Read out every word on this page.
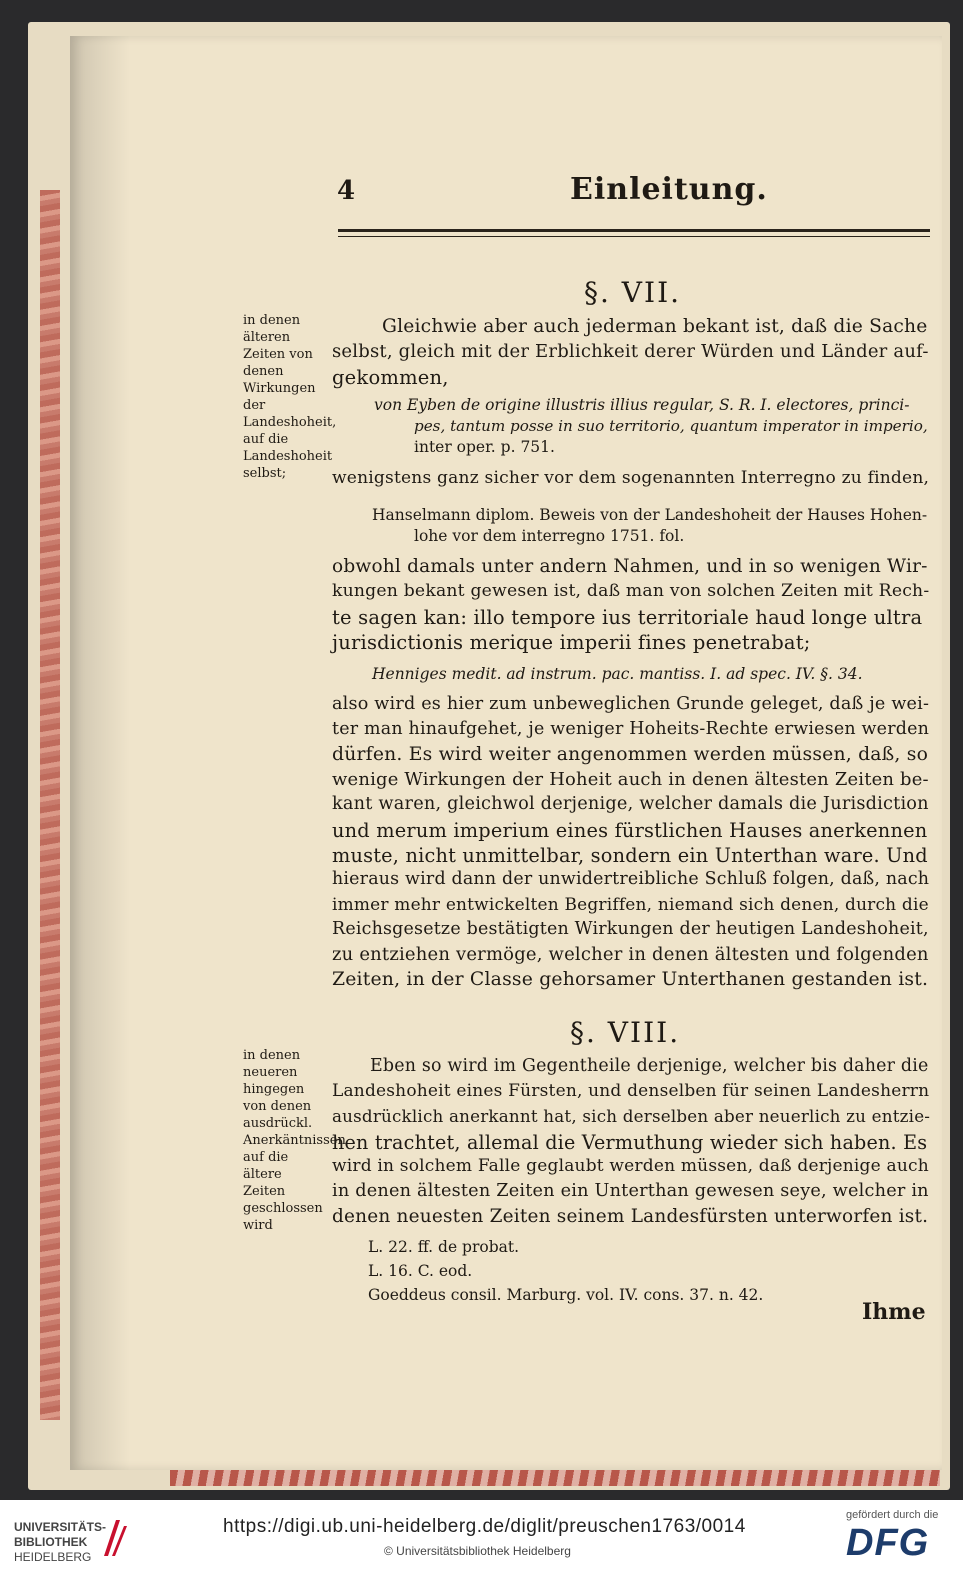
4	Einleitung.
§. VII.
in denen älteren Zeiten von denen Wirkungen der Landeshoheit, auf die Landeshoheit selbst;
Gleichwie aber auch jederman bekant ist, daß die Sache
selbst, gleich mit der Erblichkeit derer Würden und Länder auf-
gekommen,
von Eyben de origine illustris illius regular, S. R. I. electores, princi-
pes, tantum posse in suo territorio, quantum imperator in imperio,
inter oper. p. 751.
wenigstens ganz sicher vor dem sogenannten Interregno zu finden,
Hanselmann diplom. Beweis von der Landeshoheit der Hauses Hohen-
lohe vor dem interregno 1751. fol.
obwohl damals unter andern Nahmen, und in so wenigen Wir-
kungen bekant gewesen ist, daß man von solchen Zeiten mit Rech-
te sagen kan: illo tempore ius territoriale haud longe ultra
jurisdictionis merique imperii fines penetrabat;
Henniges medit. ad instrum. pac. mantiss. I. ad spec. IV. §. 34.
also wird es hier zum unbeweglichen Grunde geleget, daß je wei-
ter man hinaufgehet, je weniger Hoheits-Rechte erwiesen werden
dürfen. Es wird weiter angenommen werden müssen, daß, so
wenige Wirkungen der Hoheit auch in denen ältesten Zeiten be-
kant waren, gleichwol derjenige, welcher damals die Jurisdiction
und merum imperium eines fürstlichen Hauses anerkennen
muste, nicht unmittelbar, sondern ein Unterthan ware. Und
hieraus wird dann der unwidertreibliche Schluß folgen, daß, nach
immer mehr entwickelten Begriffen, niemand sich denen, durch die
Reichsgesetze bestätigten Wirkungen der heutigen Landeshoheit,
zu entziehen vermöge, welcher in denen ältesten und folgenden
Zeiten, in der Classe gehorsamer Unterthanen gestanden ist.
§. VIII.
in denen neueren hingegen von denen ausdrückl. Anerkäntnissen auf die ältere Zeiten geschlossen wird
Eben so wird im Gegentheile derjenige, welcher bis daher die
Landeshoheit eines Fürsten, und denselben für seinen Landesherrn
ausdrücklich anerkannt hat, sich derselben aber neuerlich zu entzie-
hen trachtet, allemal die Vermuthung wieder sich haben. Es
wird in solchem Falle geglaubt werden müssen, daß derjenige auch
in denen ältesten Zeiten ein Unterthan gewesen seye, welcher in
denen neuesten Zeiten seinem Landesfürsten unterworfen ist.
L. 22. ff. de probat.
L. 16. C. eod.
Goeddeus consil. Marburg. vol. IV. cons. 37. n. 42.
Ihme
UNIVERSITÄTS-
BIBLIOTHEK
HEIDELBERG
https://digi.ub.uni-heidelberg.de/diglit/preuschen1763/0014
© Universitätsbibliothek Heidelberg
gefördert durch die
DFG
